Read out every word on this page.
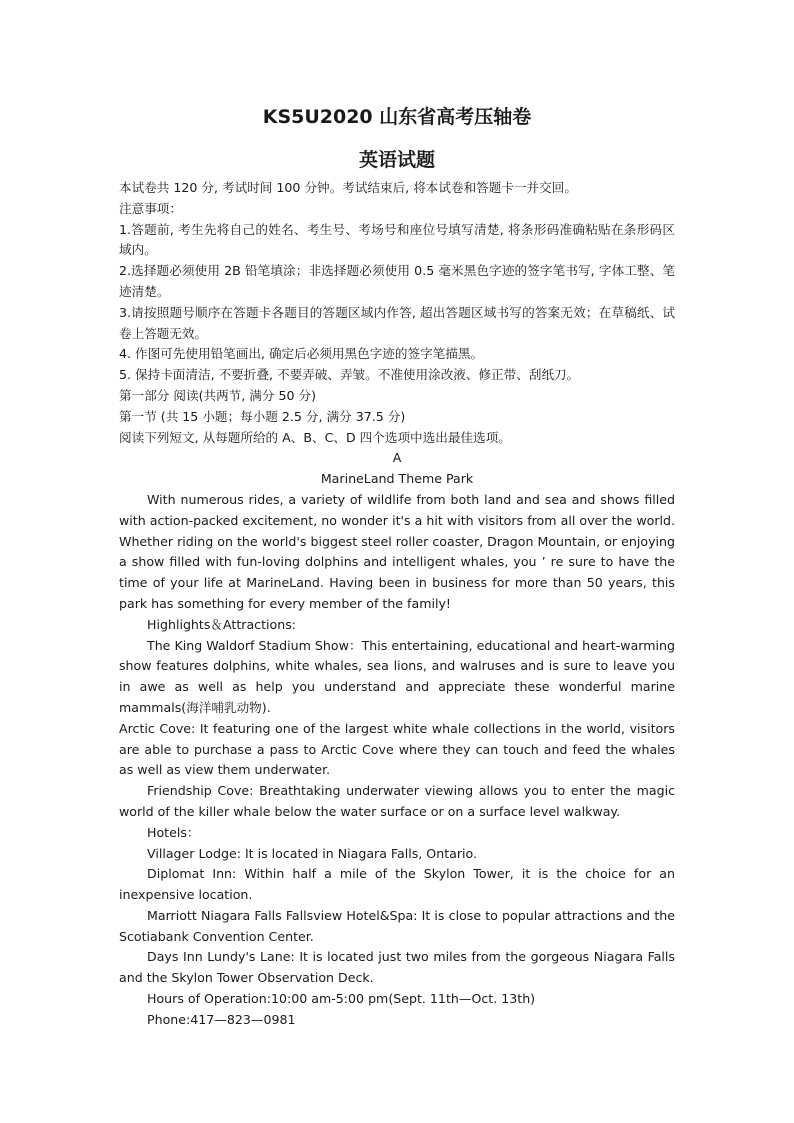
KS5U2020 山东省高考压轴卷
英语试题

本试卷共 120 分, 考试时间 100 分钟。考试结束后, 将本试卷和答题卡一并交回。

注意事项：

1.答题前, 考生先将自己的姓名、考生号、考场号和座位号填写清楚, 将条形码准确粘贴在条形码区域内。

2.选择题必须使用 2B 铅笔填涂；非选择题必须使用 0.5 毫米黑色字迹的签字笔书写, 字体工整、笔迹清楚。

3.请按照题号顺序在答题卡各题目的答题区域内作答, 超出答题区域书写的答案无效；在草稿纸、试卷上答题无效。

4. 作图可先使用铅笔画出, 确定后必须用黑色字迹的签字笔描黑。

5. 保持卡面清洁, 不要折叠, 不要弄破、弄皱。不准使用涂改液、修正带、刮纸刀。

第一部分 阅读(共两节, 满分 50 分)

第一节 (共 15 小题；每小题 2.5 分, 满分 37.5 分)

阅读下列短文, 从每题所给的 A、B、C、D 四个选项中选出最佳选项。

A

MarineLand Theme Park

With numerous rides, a variety of wildlife from both land and sea and shows filled with action-packed excitement, no wonder it's a hit with visitors from all over the world. Whether riding on the world's biggest steel roller coaster, Dragon Mountain, or enjoying a show filled with fun-loving dolphins and intelligent whales, you ’ re sure to have the time of your life at MarineLand. Having been in business for more than 50 years, this park has something for every member of the family!

Highlights＆Attractions:

The King Waldorf Stadium Show：This entertaining, educational and heart-warming show features dolphins, white whales, sea lions, and walruses and is sure to leave you in awe as well as help you understand and appreciate these wonderful marine mammals(海洋哺乳动物).

Arctic Cove: It featuring one of the largest white whale collections in the world, visitors are able to purchase a pass to Arctic Cove where they can touch and feed the whales as well as view them underwater.

Friendship Cove: Breathtaking underwater viewing allows you to enter the magic world of the killer whale below the water surface or on a surface level walkway.

Hotels：

Villager Lodge: It is located in Niagara Falls, Ontario.

Diplomat Inn: Within half a mile of the Skylon Tower, it is the choice for an inexpensive location.

Marriott Niagara Falls Fallsview Hotel&Spa: It is close to popular attractions and the Scotiabank Convention Center.

Days Inn Lundy's Lane: It is located just two miles from the gorgeous Niagara Falls and the Skylon Tower Observation Deck.

Hours of Operation:10:00 am-5:00 pm(Sept. 11th—Oct. 13th)

Phone:417—823—0981
